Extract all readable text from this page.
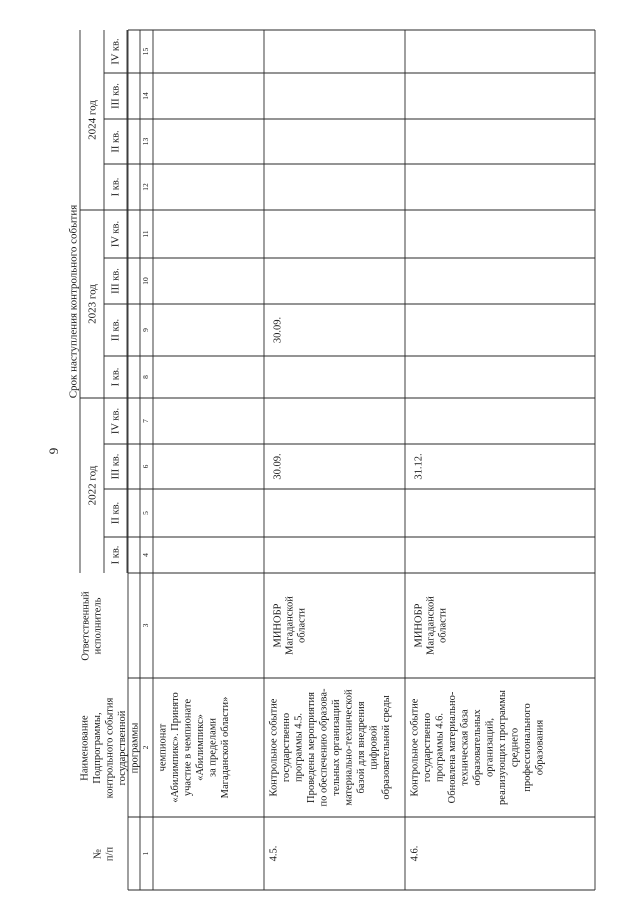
9
№ п/п
Наименование Подпрограммы, контрольного события государственной программы
Ответственный исполнитель
Срок наступления контрольного события
2022 год
I кв.
II кв.
III кв.
IV кв.
2023 год
I кв.
II кв.
III кв.
IV кв.
2024 год
I кв.
II кв.
III кв.
IV кв.
1
2
3
4
5
6
7
8
9
10
11
12
13
14
15
чемпионат «Абилимпикс». Принято участие в чемпионате «Абилимпикс» за пределами Магаданской области»
4.5.
Контрольное событие государственно программы 4.5. Проведены мероприятия по обеспечению образова- тельных организаций материально-технической базой для внедрения цифровой образовательной среды
МИНОБР Магаданской области
30.09.
30.09.
4.6.
Контрольное событие государственно программы 4.6. Обновлена материально- техническая база образовательных организаций, реализующих программы среднего профессионального образования
МИНОБР Магаданской области
31.12.
